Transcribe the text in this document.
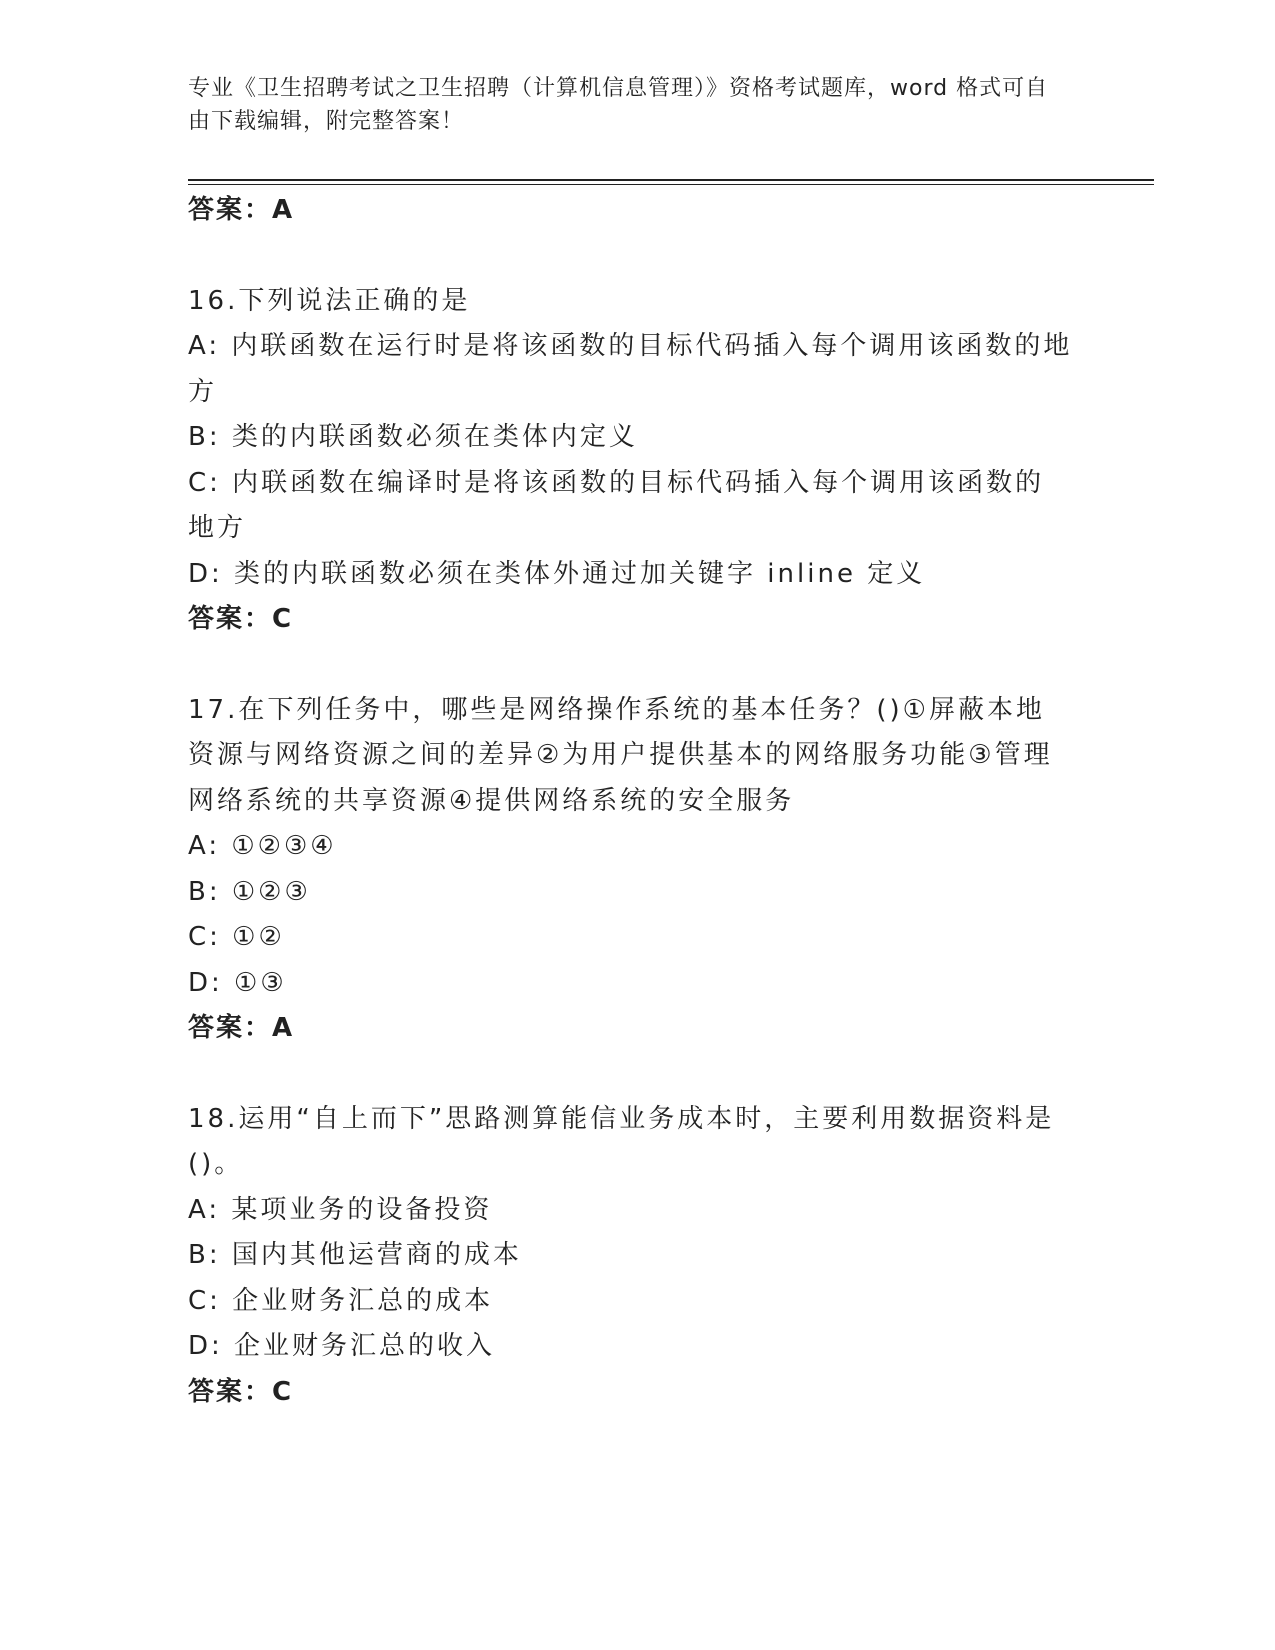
专业《卫生招聘考试之卫生招聘（计算机信息管理）》资格考试题库，word 格式可自由下载编辑，附完整答案！
答案：A
16.下列说法正确的是
A: 内联函数在运行时是将该函数的目标代码插入每个调用该函数的地方
B: 类的内联函数必须在类体内定义
C: 内联函数在编译时是将该函数的目标代码插入每个调用该函数的地方
D: 类的内联函数必须在类体外通过加关键字 inline 定义
答案：C
17.在下列任务中，哪些是网络操作系统的基本任务？()①屏蔽本地资源与网络资源之间的差异②为用户提供基本的网络服务功能③管理网络系统的共享资源④提供网络系统的安全服务
A: ①②③④
B: ①②③
C: ①②
D: ①③
答案：A
18.运用“自上而下”思路测算能信业务成本时，主要利用数据资料是()。
A: 某项业务的设备投资
B: 国内其他运营商的成本
C: 企业财务汇总的成本
D: 企业财务汇总的收入
答案：C
